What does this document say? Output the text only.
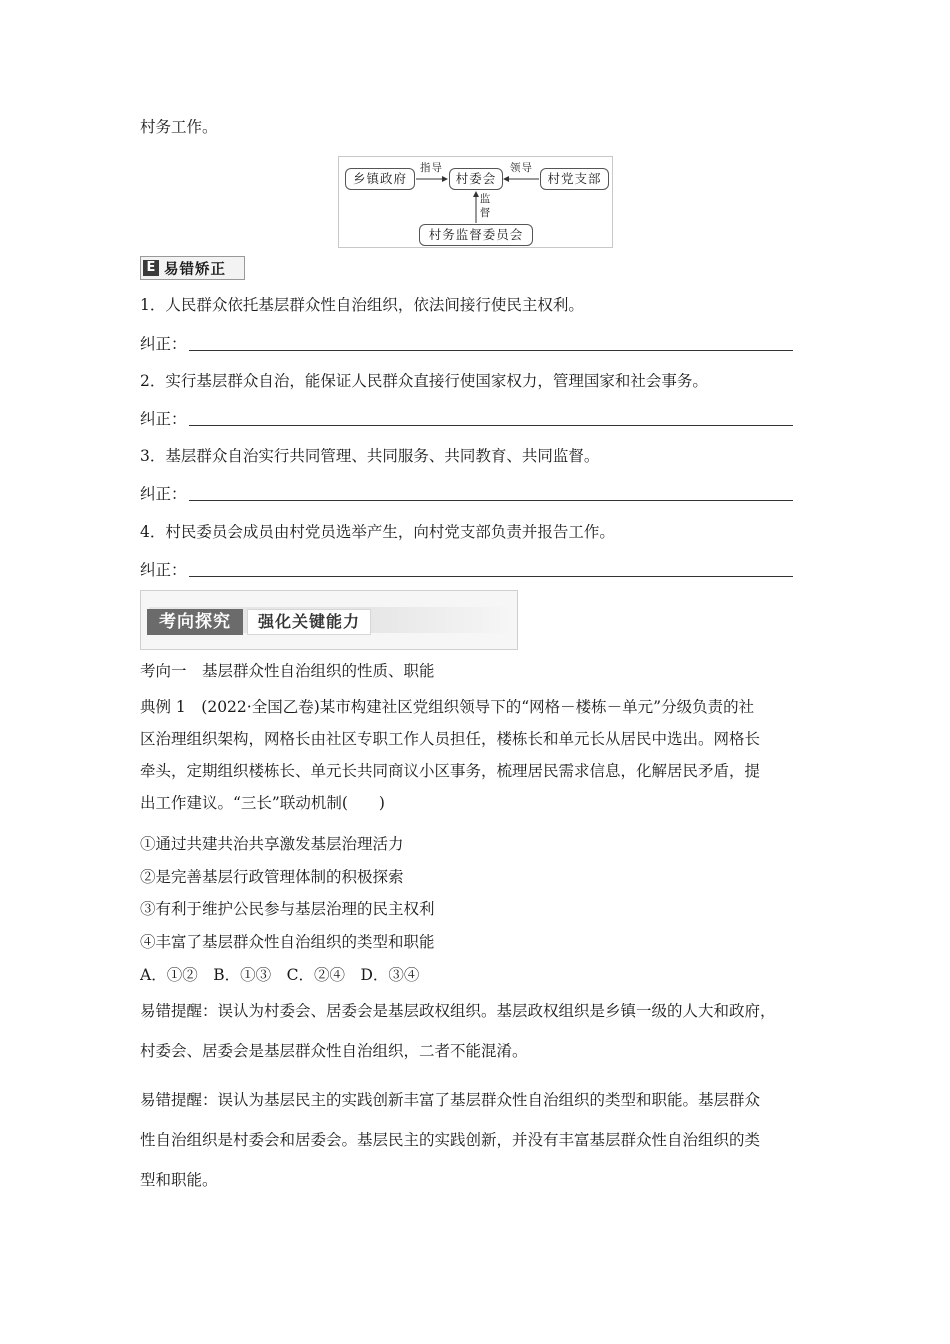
村务工作。
乡镇政府	村委会	村党支部
村务监督委员会
指导	领导
监
督
E 易错矫正
1．人民群众依托基层群众性自治组织，依法间接行使民主权利。
纠正：
2．实行基层群众自治，能保证人民群众直接行使国家权力，管理国家和社会事务。
纠正：
3．基层群众自治实行共同管理、共同服务、共同教育、共同监督。
纠正：
4．村民委员会成员由村党员选举产生，向村党支部负责并报告工作。
纠正：
考向探究	强化关键能力
考向一　基层群众性自治组织的性质、职能
典例 1　(2022·全国乙卷)某市构建社区党组织领导下的“网格－楼栋－单元”分级负责的社
区治理组织架构，网格长由社区专职工作人员担任，楼栋长和单元长从居民中选出。网格长
牵头，定期组织楼栋长、单元长共同商议小区事务，梳理居民需求信息，化解居民矛盾，提
出工作建议。“三长”联动机制(　　)
①通过共建共治共享激发基层治理活力
②是完善基层行政管理体制的积极探索
③有利于维护公民参与基层治理的民主权利
④丰富了基层群众性自治组织的类型和职能
A．①②　B．①③　C．②④　D．③④
易错提醒：误认为村委会、居委会是基层政权组织。基层政权组织是乡镇一级的人大和政府，
村委会、居委会是基层群众性自治组织，二者不能混淆。
易错提醒：误认为基层民主的实践创新丰富了基层群众性自治组织的类型和职能。基层群众
性自治组织是村委会和居委会。基层民主的实践创新，并没有丰富基层群众性自治组织的类
型和职能。
